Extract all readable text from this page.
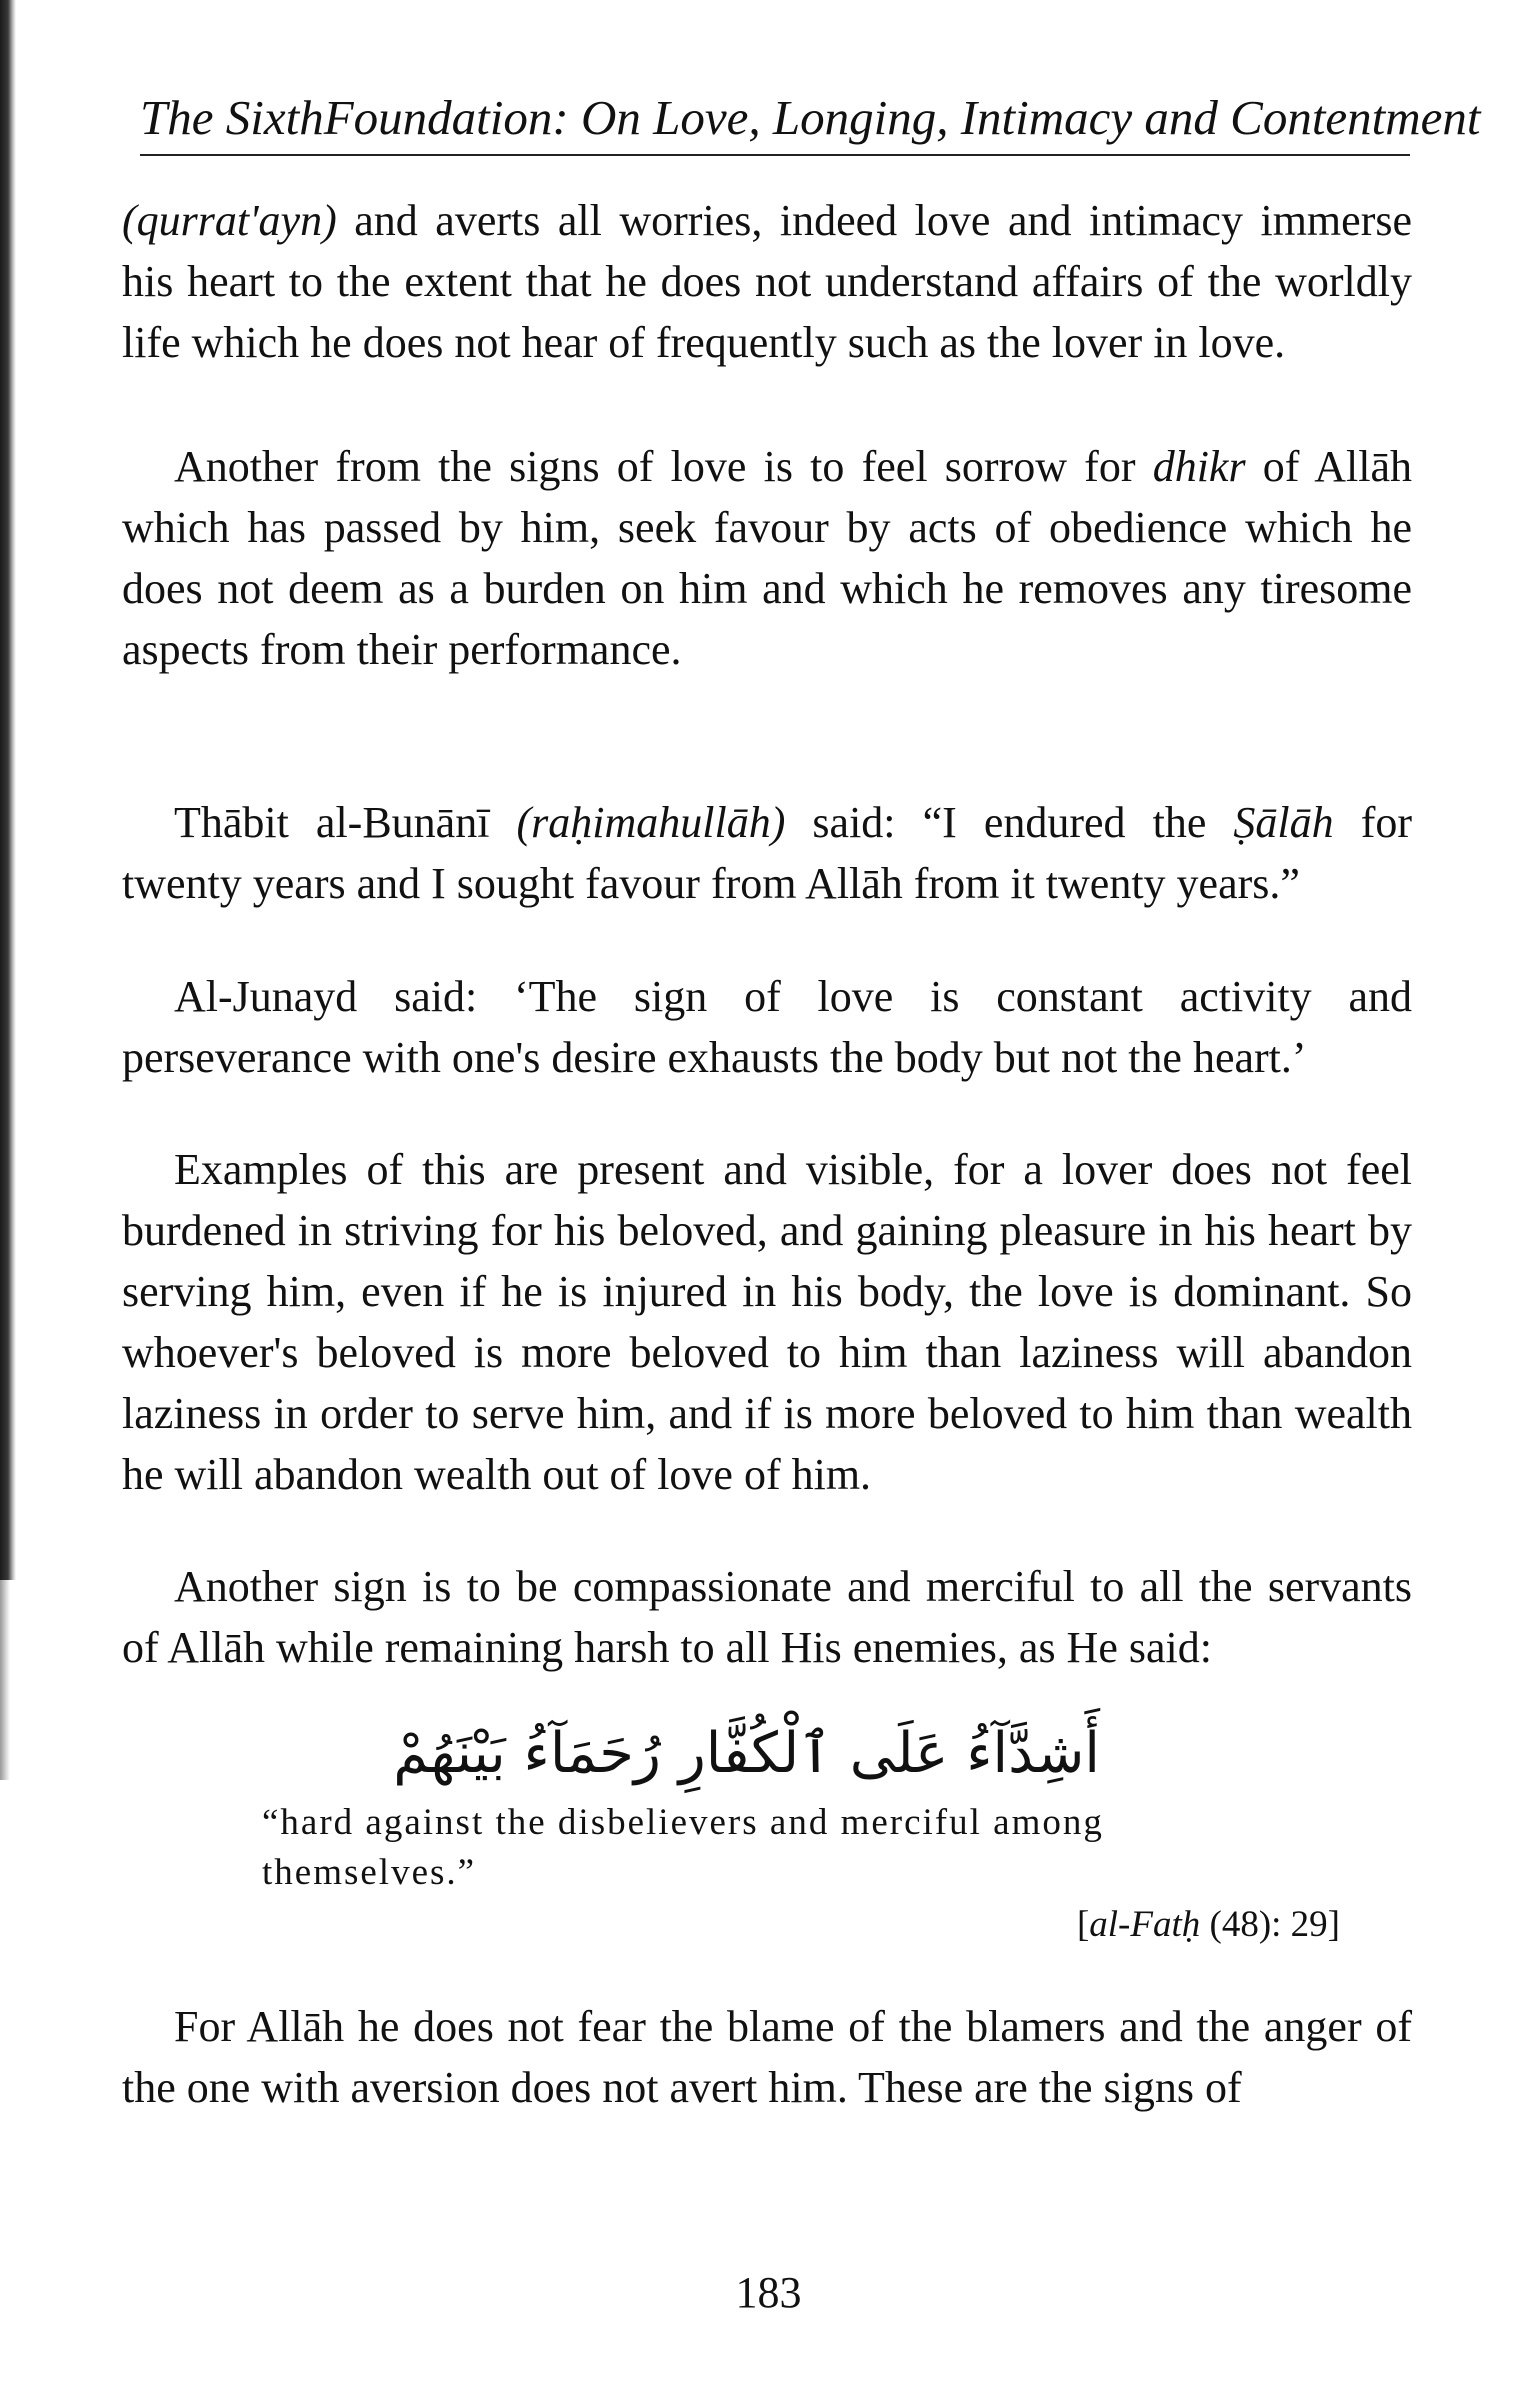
The SixthFoundation: On Love, Longing, Intimacy and Contentment

(qurrat'ayn) and averts all worries, indeed love and intimacy immerse his heart to the extent that he does not understand affairs of the worldly life which he does not hear of frequently such as the lover in love.

Another from the signs of love is to feel sorrow for dhikr of Allāh which has passed by him, seek favour by acts of obedience which he does not deem as a burden on him and which he removes any tiresome aspects from their performance.

Thābit al-Bunānī (raḥimahullāh) said: “I endured the Ṣālāh for twenty years and I sought favour from Allāh from it twenty years.”

Al-Junayd said: ‘The sign of love is constant activity and perseverance with one's desire exhausts the body but not the heart.’

Examples of this are present and visible, for a lover does not feel burdened in striving for his beloved, and gaining pleasure in his heart by serving him, even if he is injured in his body, the love is dominant. So whoever's beloved is more beloved to him than laziness will abandon laziness in order to serve him, and if is more beloved to him than wealth he will abandon wealth out of love of him.

Another sign is to be compassionate and merciful to all the servants of Allāh while remaining harsh to all His enemies, as He said:

أَشِدَّآءُ عَلَى ٱلْكُفَّارِ رُحَمَآءُ بَيْنَهُمْ
“hard against the disbelievers and merciful among themselves.”
[al-Fatḥ (48): 29]

For Allāh he does not fear the blame of the blamers and the anger of the one with aversion does not avert him. These are the signs of

183
